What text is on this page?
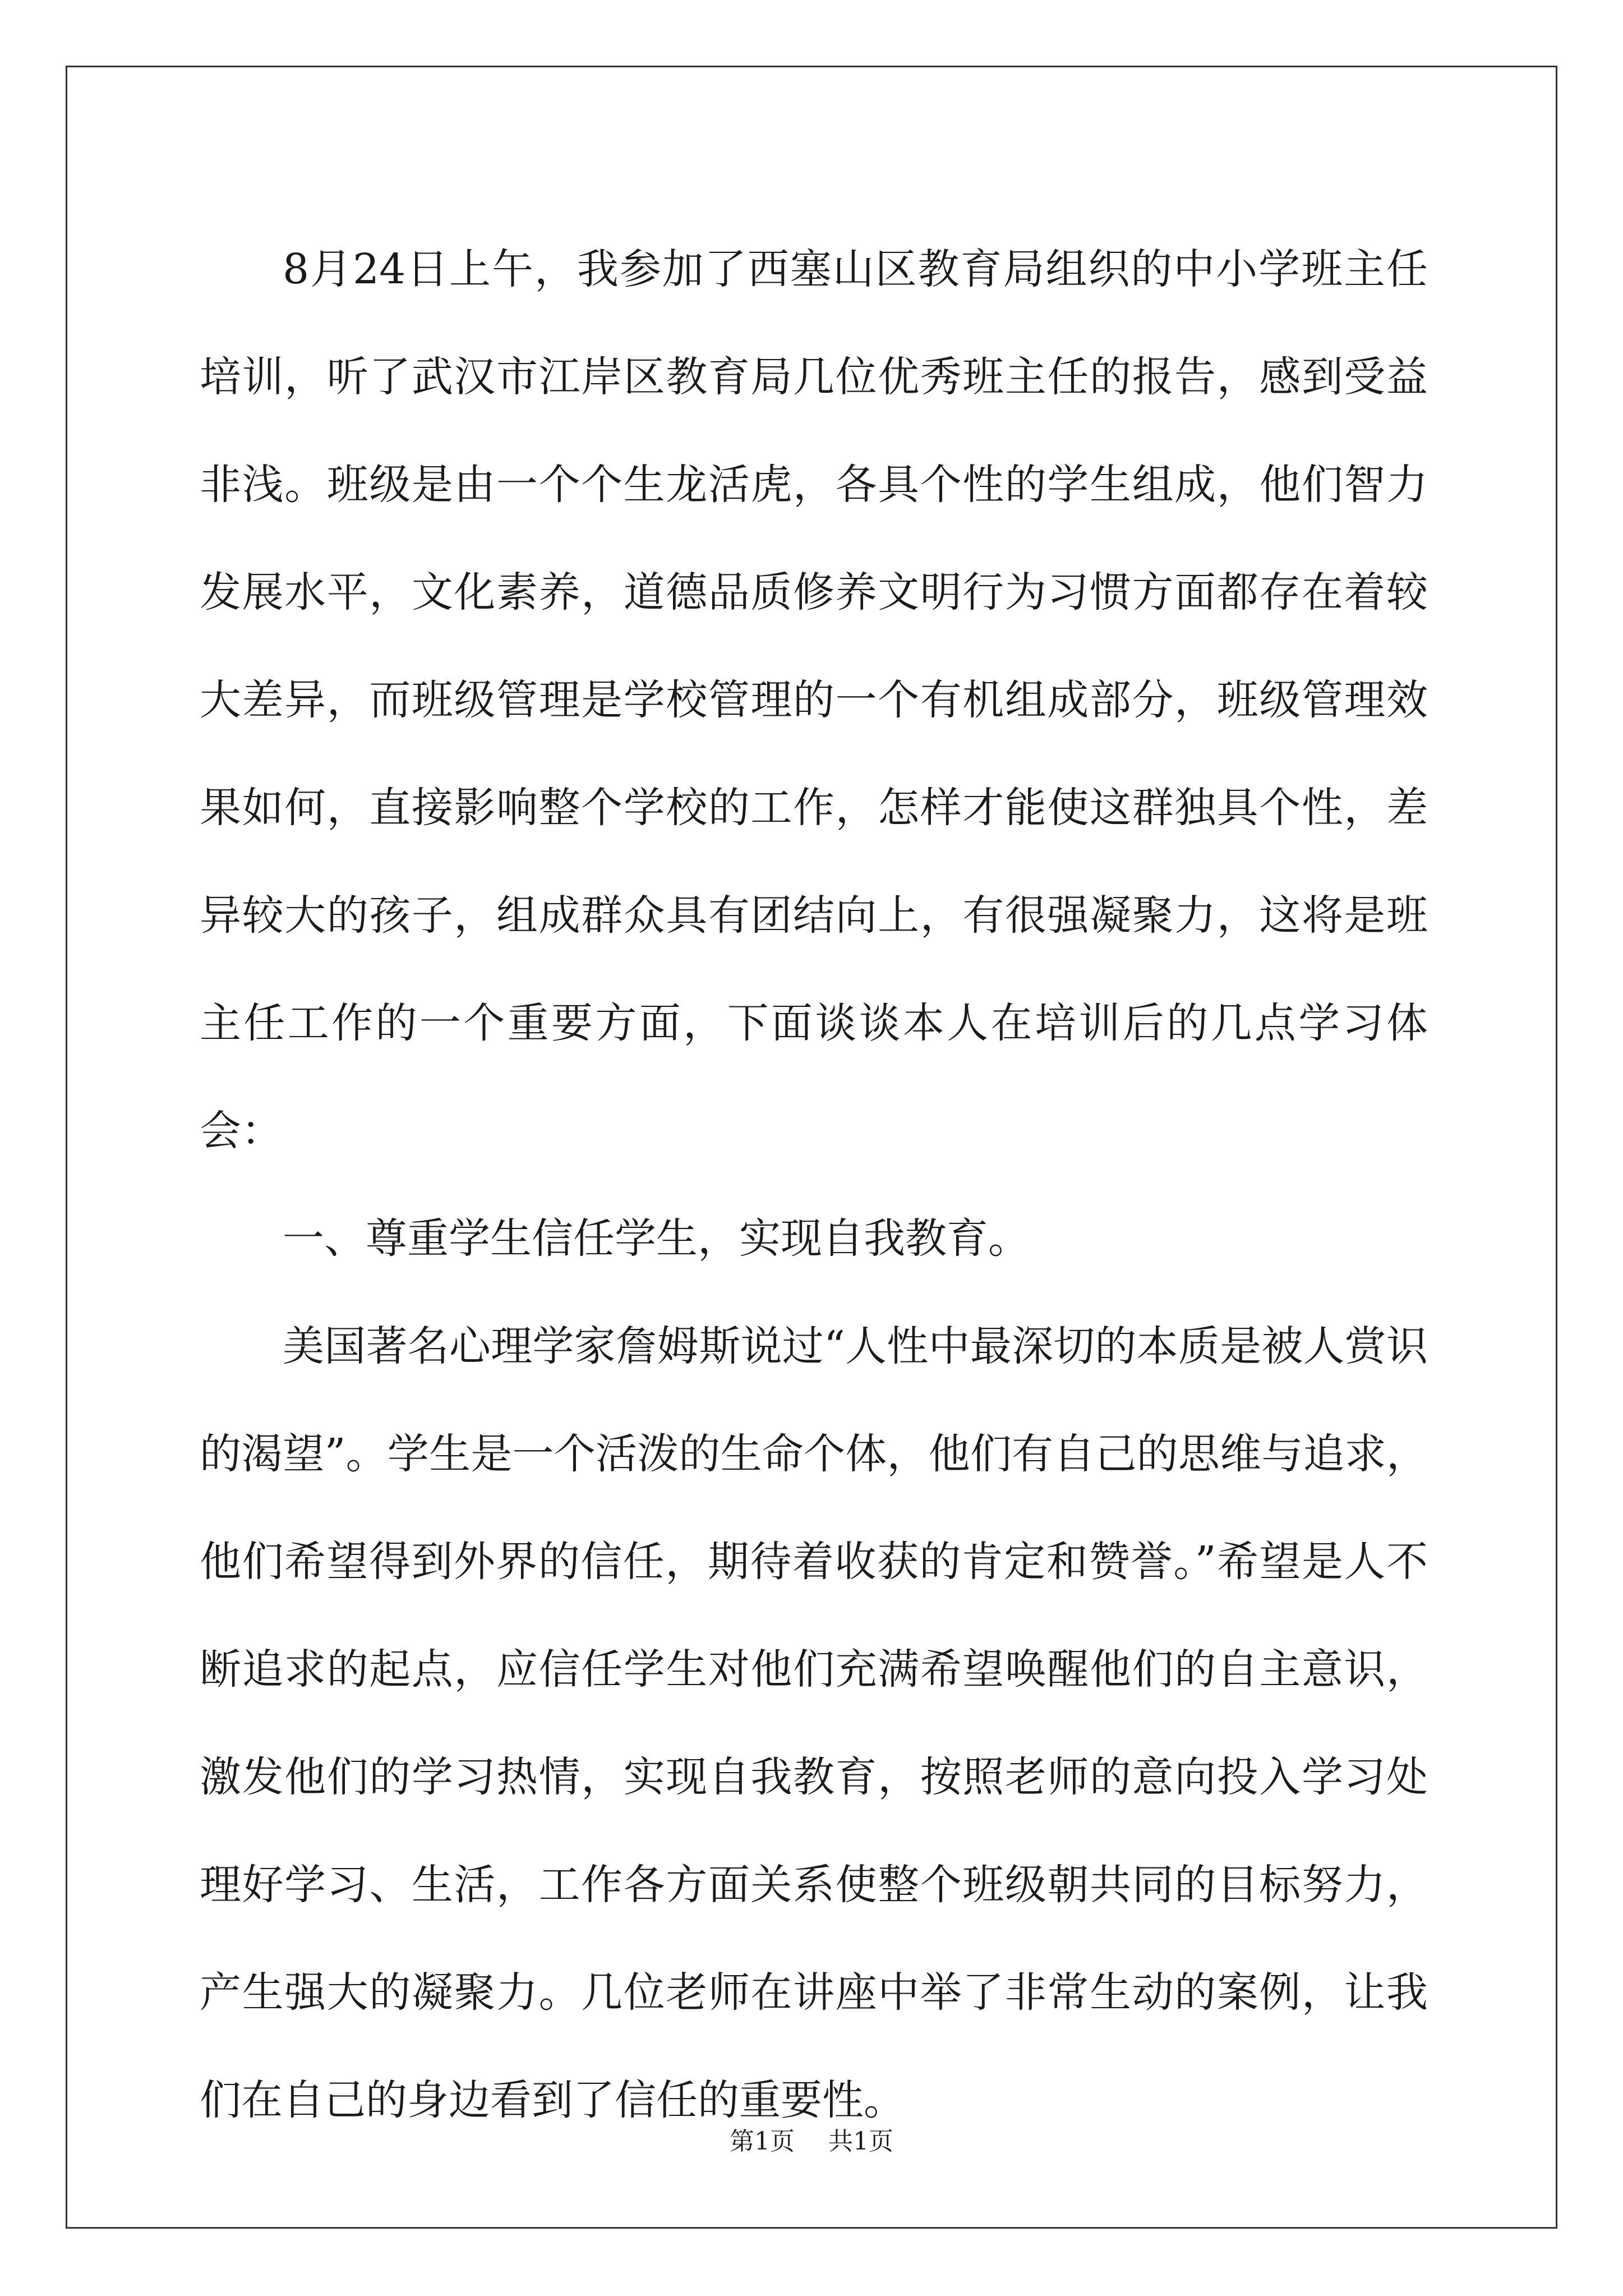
8月24日上午，我参加了西塞山区教育局组织的中小学班主任培训，听了武汉市江岸区教育局几位优秀班主任的报告，感到受益非浅。班级是由一个个生龙活虎，各具个性的学生组成，他们智力发展水平，文化素养，道德品质修养文明行为习惯方面都存在着较大差异，而班级管理是学校管理的一个有机组成部分，班级管理效果如何，直接影响整个学校的工作，怎样才能使这群独具个性，差异较大的孩子，组成群众具有团结向上，有很强凝聚力，这将是班主任工作的一个重要方面，下面谈谈本人在培训后的几点学习体会：

一、尊重学生信任学生，实现自我教育。

美国著名心理学家詹姆斯说过“人性中最深切的本质是被人赏识的渴望”。学生是一个活泼的生命个体，他们有自己的思维与追求，他们希望得到外界的信任，期待着收获的肯定和赞誉。”希望是人不断追求的起点，应信任学生对他们充满希望唤醒他们的自主意识，激发他们的学习热情，实现自我教育，按照老师的意向投入学习处理好学习、生活，工作各方面关系使整个班级朝共同的目标努力，产生强大的凝聚力。几位老师在讲座中举了非常生动的案例，让我们在自己的身边看到了信任的重要性。

第1页 共1页
